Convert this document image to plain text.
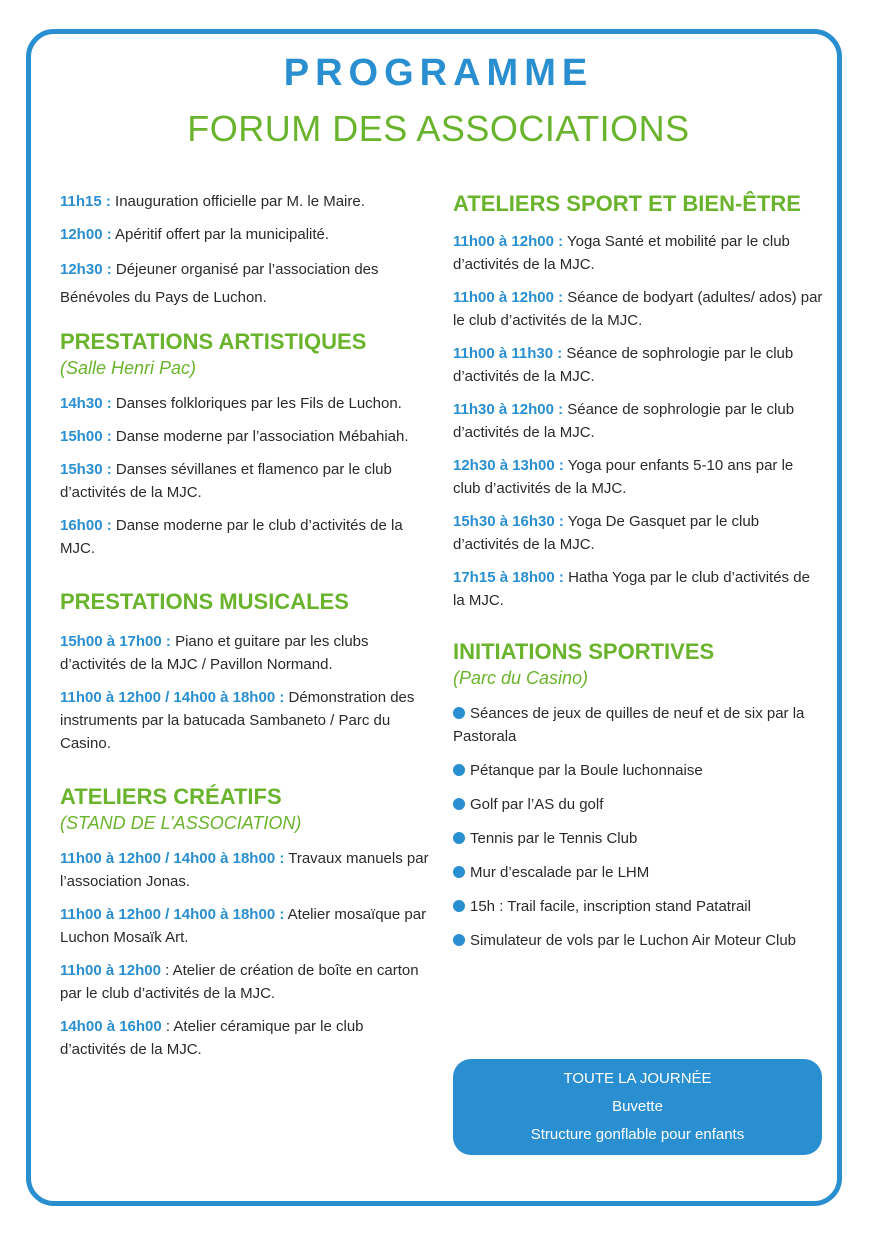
PROGRAMME
FORUM DES ASSOCIATIONS
11h15 : Inauguration officielle par M. le Maire.
12h00 : Apéritif offert par la municipalité.
12h30 : Déjeuner organisé par l’association des Bénévoles du Pays de Luchon.
PRESTATIONS ARTISTIQUES
(Salle Henri Pac)
14h30 : Danses folkloriques par les Fils de Luchon.
15h00 : Danse moderne par l’association Mébahiah.
15h30 : Danses sévillanes et flamenco par le club d’activités de la MJC.
16h00 : Danse moderne par le club d’activités de la MJC.
PRESTATIONS MUSICALES
15h00 à 17h00 : Piano et guitare par les clubs d’activités de la MJC / Pavillon Normand.
11h00 à 12h00 / 14h00 à 18h00 : Démonstration des instruments par la batucada Sambaneto / Parc du Casino.
ATELIERS CRÉATIFS
(STAND DE L’ASSOCIATION)
11h00 à 12h00 / 14h00 à 18h00 : Travaux manuels par l’association Jonas.
11h00 à 12h00 / 14h00 à 18h00 : Atelier mosaïque par Luchon Mosaïk Art.
11h00 à 12h00 : Atelier de création de boîte en carton par le club d’activités de la MJC.
14h00 à 16h00 : Atelier céramique par le club d’activités de la MJC.
ATELIERS SPORT ET BIEN-ÊTRE
11h00 à 12h00 : Yoga Santé et mobilité par le club d’activités de la MJC.
11h00 à 12h00 : Séance de bodyart (adultes/ ados) par le club d’activités de la MJC.
11h00 à 11h30 : Séance de sophrologie par le club d’activités de la MJC.
11h30 à 12h00 : Séance de sophrologie par le club d’activités de la MJC.
12h30 à 13h00 : Yoga pour enfants 5-10 ans par le club d’activités de la MJC.
15h30 à 16h30 : Yoga De Gasquet par le club d’activités de la MJC.
17h15 à 18h00 : Hatha Yoga par le club d’activités de la MJC.
INITIATIONS SPORTIVES
(Parc du Casino)
Séances de jeux de quilles de neuf et de six par la Pastorala
Pétanque par la Boule luchonnaise
Golf par l’AS du golf
Tennis par le Tennis Club
Mur d’escalade par le LHM
15h : Trail facile, inscription stand Patatrail
Simulateur de vols par le Luchon Air Moteur Club
TOUTE LA JOURNÉE
Buvette
Structure gonflable pour enfants
